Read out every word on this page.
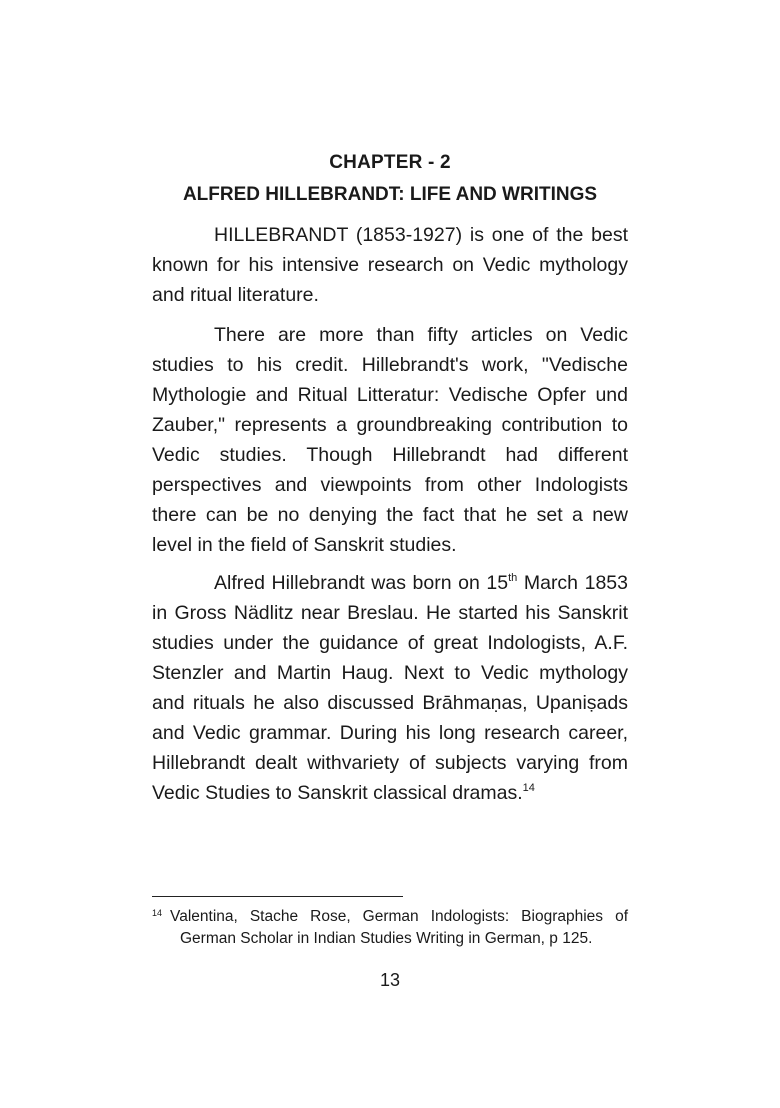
CHAPTER - 2
ALFRED HILLEBRANDT: LIFE AND WRITINGS

HILLEBRANDT (1853-1927) is one of the best known for his intensive research on Vedic mythology and ritual literature.

There are more than fifty articles on Vedic studies to his credit. Hillebrandt's work, "Vedische Mythologie and Ritual Litteratur: Vedische Opfer und Zauber," represents a groundbreaking contribution to Vedic studies. Though Hillebrandt had different perspectives and viewpoints from other Indologists there can be no denying the fact that he set a new level in the field of Sanskrit studies.

Alfred Hillebrandt was born on 15th March 1853 in Gross Nädlitz near Breslau. He started his Sanskrit studies under the guidance of great Indologists, A.F. Stenzler and Martin Haug. Next to Vedic mythology and rituals he also discussed Brāhmaṇas, Upaniṣads and Vedic grammar. During his long research career, Hillebrandt dealt withvariety of subjects varying from Vedic Studies to Sanskrit classical dramas.$^{14}$

$^{14}$ Valentina, Stache Rose, German Indologists: Biographies of German Scholar in Indian Studies Writing in German, p 125.

13
